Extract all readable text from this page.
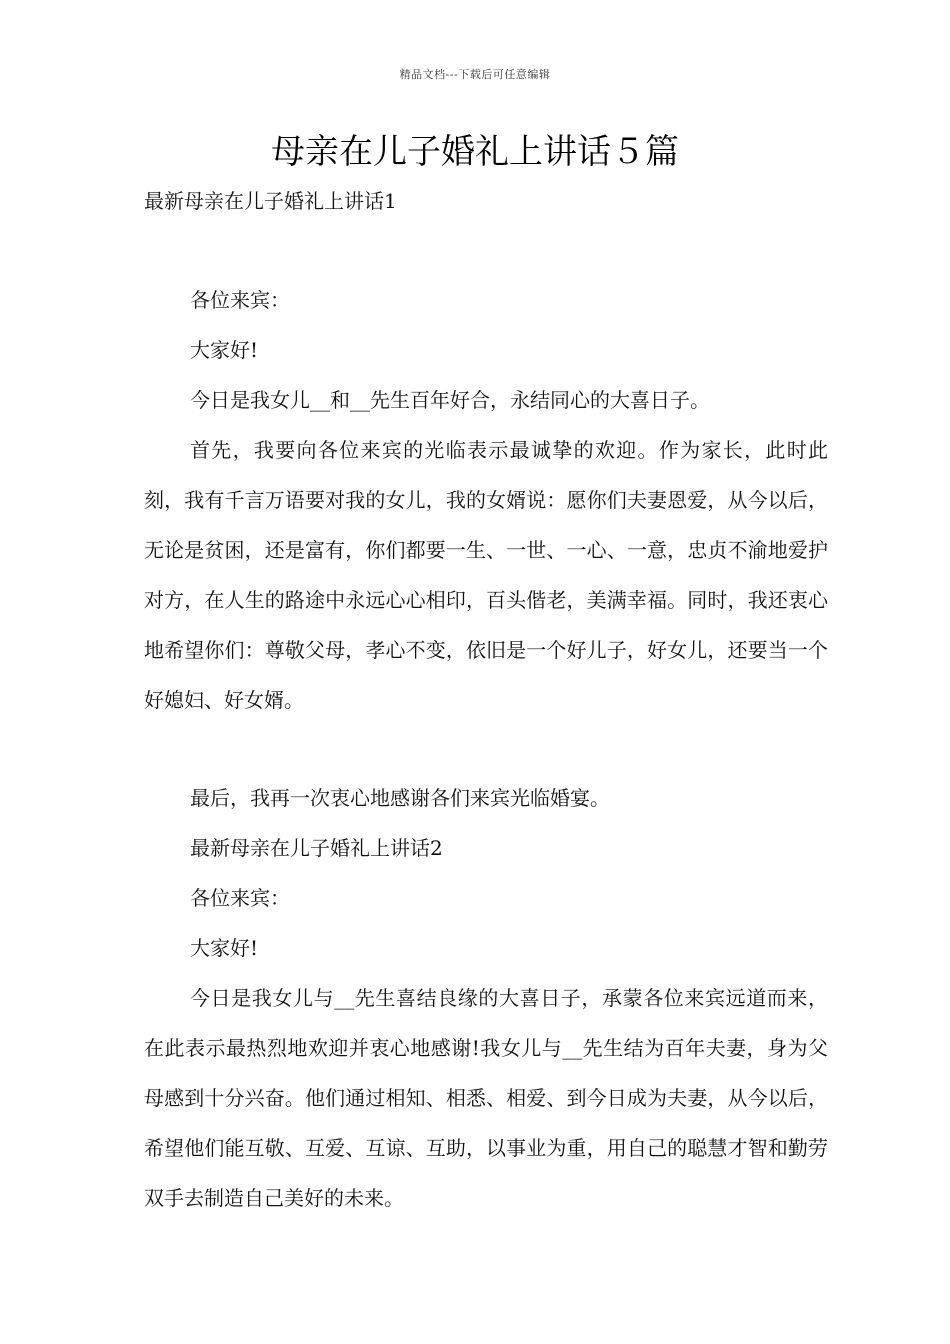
精品文档---下载后可任意编辑
母亲在儿子婚礼上讲话５篇
最新母亲在儿子婚礼上讲话1

各位来宾：

大家好!

今日是我女儿__和__先生百年好合，永结同心的大喜日子。

首先，我要向各位来宾的光临表示最诚挚的欢迎。作为家长，此时此刻，我有千言万语要对我的女儿，我的女婿说：愿你们夫妻恩爱，从今以后，无论是贫困，还是富有，你们都要一生、一世、一心、一意，忠贞不渝地爱护对方，在人生的路途中永远心心相印，百头偕老，美满幸福。同时，我还衷心地希望你们：尊敬父母，孝心不变，依旧是一个好儿子，好女儿，还要当一个好媳妇、好女婿。

最后，我再一次衷心地感谢各们来宾光临婚宴。

最新母亲在儿子婚礼上讲话2

各位来宾：

大家好!

今日是我女儿与__先生喜结良缘的大喜日子，承蒙各位来宾远道而来，在此表示最热烈地欢迎并衷心地感谢!我女儿与__先生结为百年夫妻，身为父母感到十分兴奋。他们通过相知、相悉、相爱、到今日成为夫妻，从今以后，希望他们能互敬、互爱、互谅、互助，以事业为重，用自己的聪慧才智和勤劳双手去制造自己美好的未来。
